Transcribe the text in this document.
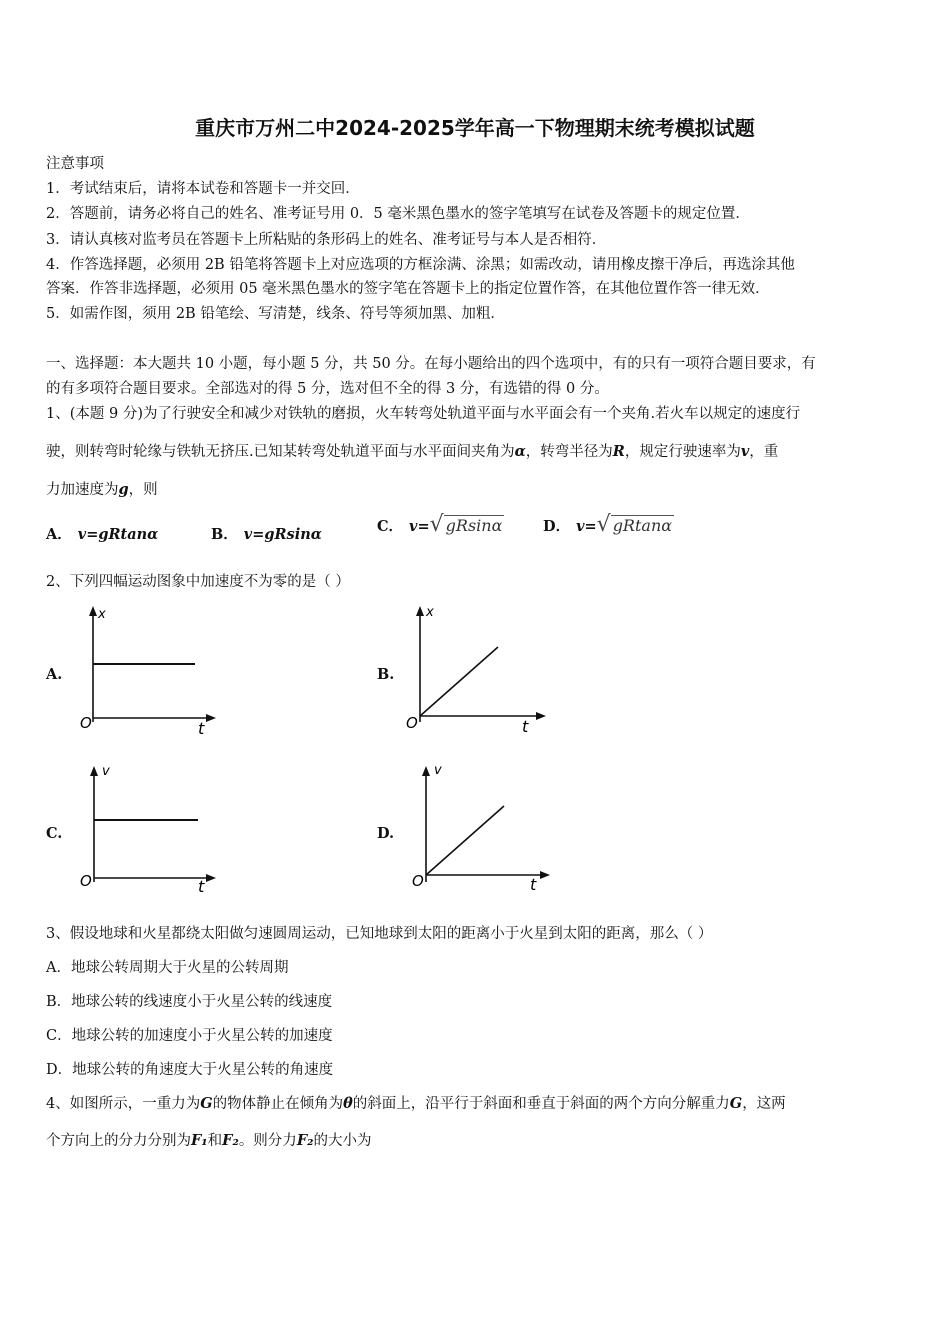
重庆市万州二中2024-2025学年高一下物理期末统考模拟试题
注意事项
1．考试结束后，请将本试卷和答题卡一并交回．
2．答题前，请务必将自己的姓名、准考证号用 0．5 毫米黑色墨水的签字笔填写在试卷及答题卡的规定位置．
3．请认真核对监考员在答题卡上所粘贴的条形码上的姓名、准考证号与本人是否相符．
4．作答选择题，必须用 2B 铅笔将答题卡上对应选项的方框涂满、涂黑；如需改动，请用橡皮擦干净后，再选涂其他
答案．作答非选择题，必须用 05 毫米黑色墨水的签字笔在答题卡上的指定位置作答，在其他位置作答一律无效．
5．如需作图，须用 2B 铅笔绘、写清楚，线条、符号等须加黑、加粗．
一、选择题：本大题共 10 小题，每小题 5 分，共 50 分。在每小题给出的四个选项中，有的只有一项符合题目要求，有
的有多项符合题目要求。全部选对的得 5 分，选对但不全的得 3 分，有选错的得 0 分。
1、(本题 9 分)为了行驶安全和减少对铁轨的磨损，火车转弯处轨道平面与水平面会有一个夹角.若火车以规定的速度行
驶，则转弯时轮缘与铁轨无挤压.已知某转弯处轨道平面与水平面间夹角为α，转弯半径为R，规定行驶速率为v，重
力加速度为g，则
A． v=gRtanα	B． v=gRsinα	C． v=√ gRsinα	D． v=√ gRtanα
2、下列四幅运动图象中加速度不为零的是（ ）
A.
x
O	t
B.
x
O	t
C.
v
O	t
D.
v
O	t
3、假设地球和火星都绕太阳做匀速圆周运动，已知地球到太阳的距离小于火星到太阳的距离，那么（ ）
A．地球公转周期大于火星的公转周期
B．地球公转的线速度小于火星公转的线速度
C．地球公转的加速度小于火星公转的加速度
D．地球公转的角速度大于火星公转的角速度
4、如图所示，一重力为G的物体静止在倾角为θ的斜面上，沿平行于斜面和垂直于斜面的两个方向分解重力G，这两
个方向上的分力分别为F₁和F₂。则分力F₂的大小为
